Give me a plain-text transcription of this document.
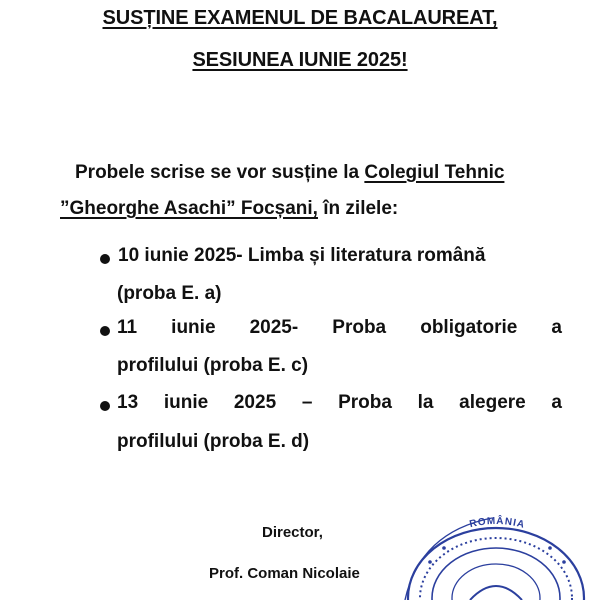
SUSȚINE EXAMENUL DE BACALAUREAT,
SESIUNEA IUNIE 2025!
Probele scrise se vor susține la Colegiul Tehnic
”Gheorghe Asachi” Focșani, în zilele:
10 iunie 2025- Limba și literatura română
(proba E. a)
11 iunie 2025- Proba obligatorie a
profilului (proba E. c)
13 iunie 2025 – Proba la alegere a
profilului (proba E. d)
Director,
Prof. Coman Nicolaie
ROMÂNIA
